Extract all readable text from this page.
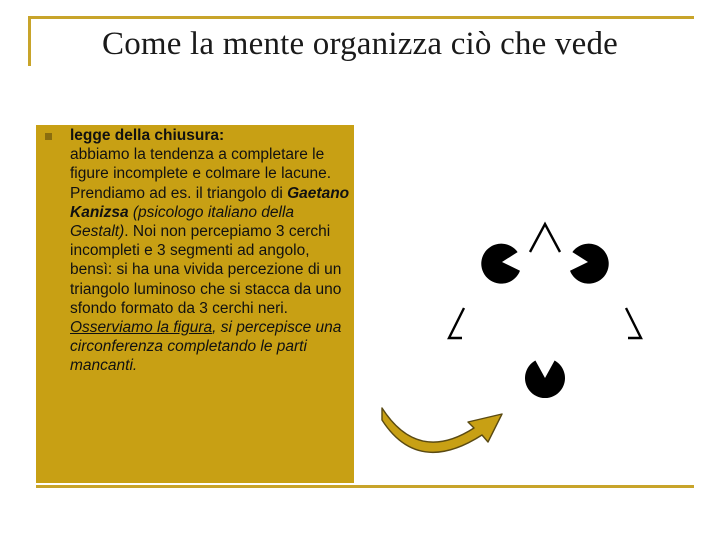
Come la mente organizza ciò che vede

legge della chiusura:

abbiamo la tendenza a completare le figure incomplete e colmare le lacune.

Prendiamo ad es. il triangolo di Gaetano Kanizsa (psicologo italiano della Gestalt). Noi non percepiamo 3 cerchi incompleti e 3 segmenti ad angolo, bensì: si ha una vivida percezione di un triangolo luminoso che si stacca da uno sfondo formato da 3 cerchi neri.

Osserviamo la figura, si percepisce una circonferenza completando le parti mancanti.
